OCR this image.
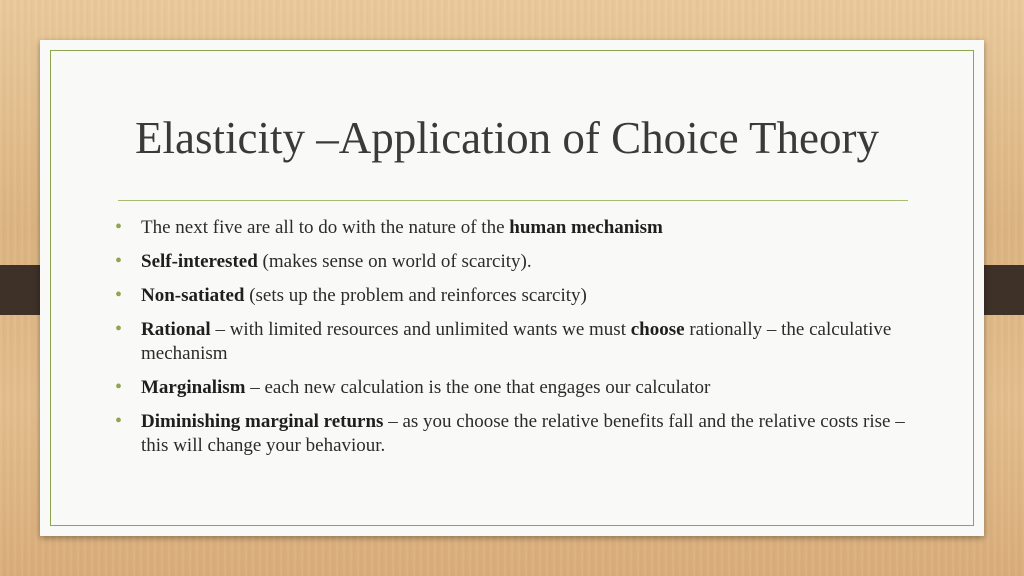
Elasticity –Application of Choice Theory
• The next five are all to do with the nature of the human mechanism
• Self-interested (makes sense on world of scarcity).
• Non-satiated (sets up the problem and reinforces scarcity)
• Rational – with limited resources and unlimited wants we must choose rationally – the calculative mechanism
• Marginalism – each new calculation is the one that engages our calculator
• Diminishing marginal returns – as you choose the relative benefits fall and the relative costs rise –this will change your behaviour.
